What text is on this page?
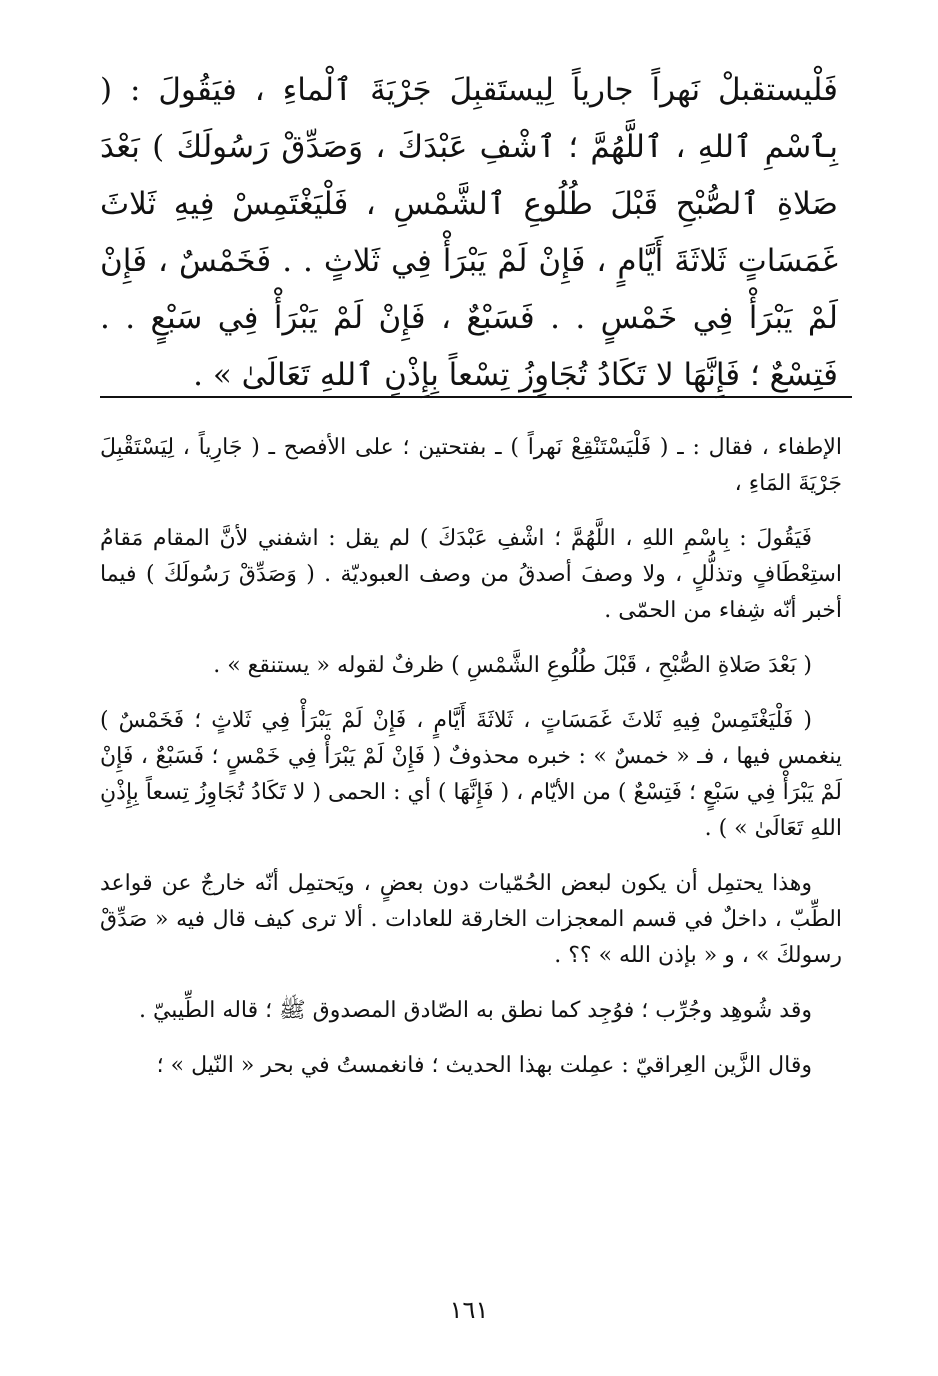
فَلْيستقبلْ نَهراً جارياً لِيستَقبِلَ جَرْيَةَ ٱلْماءِ ، فيَقُولَ : ( بِٱسْمِ ٱللهِ ، ٱللَّهُمَّ ؛ ٱشْفِ عَبْدَكَ ، وَصَدِّقْ رَسُولَكَ ) بَعْدَ صَلاةِ ٱلصُّبْحِ قَبْلَ طُلُوعِ ٱلشَّمْسِ ، فَلْيَغْتَمِسْ فِيهِ ثَلاثَ غَمَسَاتٍ ثَلاثَةَ أَيَّامٍ ، فَإِنْ لَمْ يَبْرَأْ فِي ثَلاثٍ . . فَخَمْسٌ ، فَإِنْ لَمْ يَبْرَأْ فِي خَمْسٍ . . فَسَبْعٌ ، فَإِنْ لَمْ يَبْرَأْ فِي سَبْعٍ . . فَتِسْعٌ ؛ فَإِنَّهَا لا تَكَادُ تُجَاوِزُ تِسْعاً بِإِذْنِ ٱللهِ تَعَالَىٰ » .

الإطفاء ، فقال : ـ ( فَلْيَسْتَنْقِعْ نَهراً ) ـ بفتحتين ؛ على الأفصح ـ ( جَارِياً ، لِيَسْتَقْبِلَ جَرْيَةَ المَاءِ ،

فَيَقُولَ : بِاسْمِ اللهِ ، اللَّهُمَّ ؛ اشْفِ عَبْدَكَ ) لم يقل : اشفني لأنَّ المقام مَقامُ استِعْطَافٍ وتذلُّلٍ ، ولا وصفَ أصدقُ من وصف العبوديّة . ( وَصَدِّقْ رَسُولَكَ ) فيما أخبر أنّه شِفاء من الحمّى .

( بَعْدَ صَلاةِ الصُّبْحِ ، قَبْلَ طُلُوعِ الشَّمْسِ ) ظرفٌ لقوله « يستنقع » .

( فَلْيَغْتَمِسْ فِيهِ ثَلاثَ غَمَسَاتٍ ، ثَلاثَةَ أَيَّامٍ ، فَإِنْ لَمْ يَبْرَأْ فِي ثَلاثٍ ؛ فَخَمْسٌ ) ينغمس فيها ، فـ « خمسٌ » : خبره محذوفٌ ( فَإِنْ لَمْ يَبْرَأْ فِي خَمْسٍ ؛ فَسَبْعٌ ، فَإِنْ لَمْ يَبْرَأْ فِي سَبْعٍ ؛ فَتِسْعٌ ) من الأيّام ، ( فَإِنَّهَا ) أي : الحمى ( لا تَكَادُ تُجَاوِزُ تِسعاً بِإِذْنِ اللهِ تَعَالَىٰ » ) .

وهذا يحتمِل أن يكون لبعض الحُمّيات دون بعضٍ ، ويَحتمِل أنّه خارجٌ عن قواعد الطِّبّ ، داخلٌ في قسم المعجزات الخارقة للعادات . ألا ترى كيف قال فيه « صَدِّقْ رسولكَ » ، و « بإذن الله » ؟؟ .

وقد شُوهِد وجُرِّب ؛ فوُجِد كما نطق به الصّادق المصدوق ﷺ ؛ قاله الطِّيبيّ .

وقال الزَّين العِراقيّ : عمِلت بهذا الحديث ؛ فانغمستُ في بحر « النّيل » ؛

١٦١
